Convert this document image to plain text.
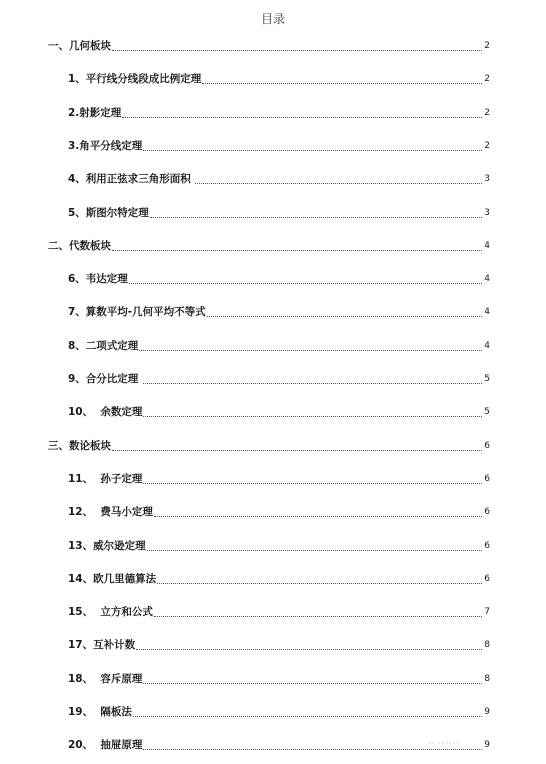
目录
一、几何板块	2
1、平行线分线段成比例定理	2
2.射影定理	2
3.角平分线定理	2
4、利用正弦求三角形面积	3
5、斯图尔特定理	3
二、代数板块	4
6、韦达定理	4
7、算数平均-几何平均不等式	4
8、二项式定理	4
9、合分比定理	5
10、  余数定理	5
三、数论板块	6
11、  孙子定理	6
12、  费马小定理	6
13、威尔逊定理	6
14、欧几里德算法	6
15、  立方和公式	7
17、互补计数	8
18、  容斥原理	8
19、  隔板法	9
20、  抽屉原理	9
·· ······
